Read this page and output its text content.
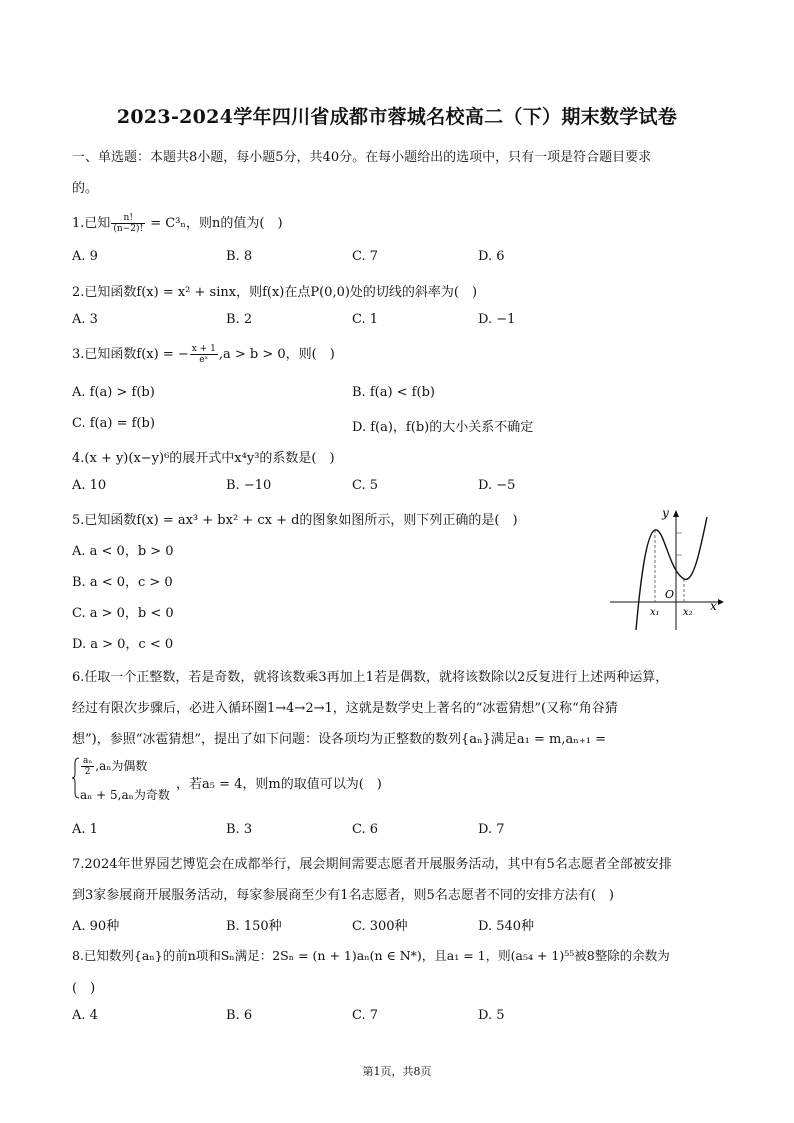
2023-2024学年四川省成都市蓉城名校高二（下）期末数学试卷
一、单选题：本题共8小题，每小题5分，共40分。在每小题给出的选项中，只有一项是符合题目要求
的。
1.已知 $\frac{n!}{(n-2)!} = C^3_n$，则n的值为(　)
A. 9	B. 8	C. 7	D. 6
2.已知函数f(x) = x² + sinx，则f(x)在点P(0,0)处的切线的斜率为(　)
A. 3	B. 2	C. 1	D. −1
3.已知函数f(x) = − $\frac{x + 1}{\text{eˣ}} ,a > b > 0$，则(　)
A. f(a) > f(b)	B. f(a) < f(b)
C. f(a) = f(b)	D. f(a)，f(b)的大小关系不确定
4.(x + y)(x−y)⁶的展开式中x⁴y³的系数是(　)
A. 10	B. −10	C. 5	D. −5
5.已知函数f(x) = ax³ + bx² + cx + d的图象如图所示，则下列正确的是(　)
A. a < 0，b > 0
B. a < 0，c > 0
C. a > 0，b < 0
D. a > 0，c < 0
y
x
O
x₁ x₂
6.任取一个正整数，若是奇数，就将该数乘3再加上1若是偶数，就将该数除以2反复进行上述两种运算，
经过有限次步骤后，必进入循环圈1→4→2→1，这就是数学史上著名的“冰雹猜想”(又称“角谷猜
想”)，参照“冰雹猜想”，提出了如下问题：设各项均为正整数的数列{aₙ}满足a₁ = m,aₙ₊₁ =
$\frac{\text{aₙ}}{2} ,a_n$为偶数
aₙ + 5,aₙ为奇数
，若a₅ = 4，则m的取值可以为(　)
A. 1	B. 3	C. 6	D. 7
7.2024年世界园艺博览会在成都举行，展会期间需要志愿者开展服务活动，其中有5名志愿者全部被安排
到3家参展商开展服务活动，每家参展商至少有1名志愿者，则5名志愿者不同的安排方法有(　)
A. 90种	B. 150种	C. 300种	D. 540种
8.已知数列{aₙ}的前n项和Sₙ满足：2Sₙ = (n + 1)aₙ(n ∈ N*)，且a₁ = 1，则(a₅₄ + 1)⁵⁵被8整除的余数为
(　)
A. 4	B. 6	C. 7	D. 5
第1页，共8页
